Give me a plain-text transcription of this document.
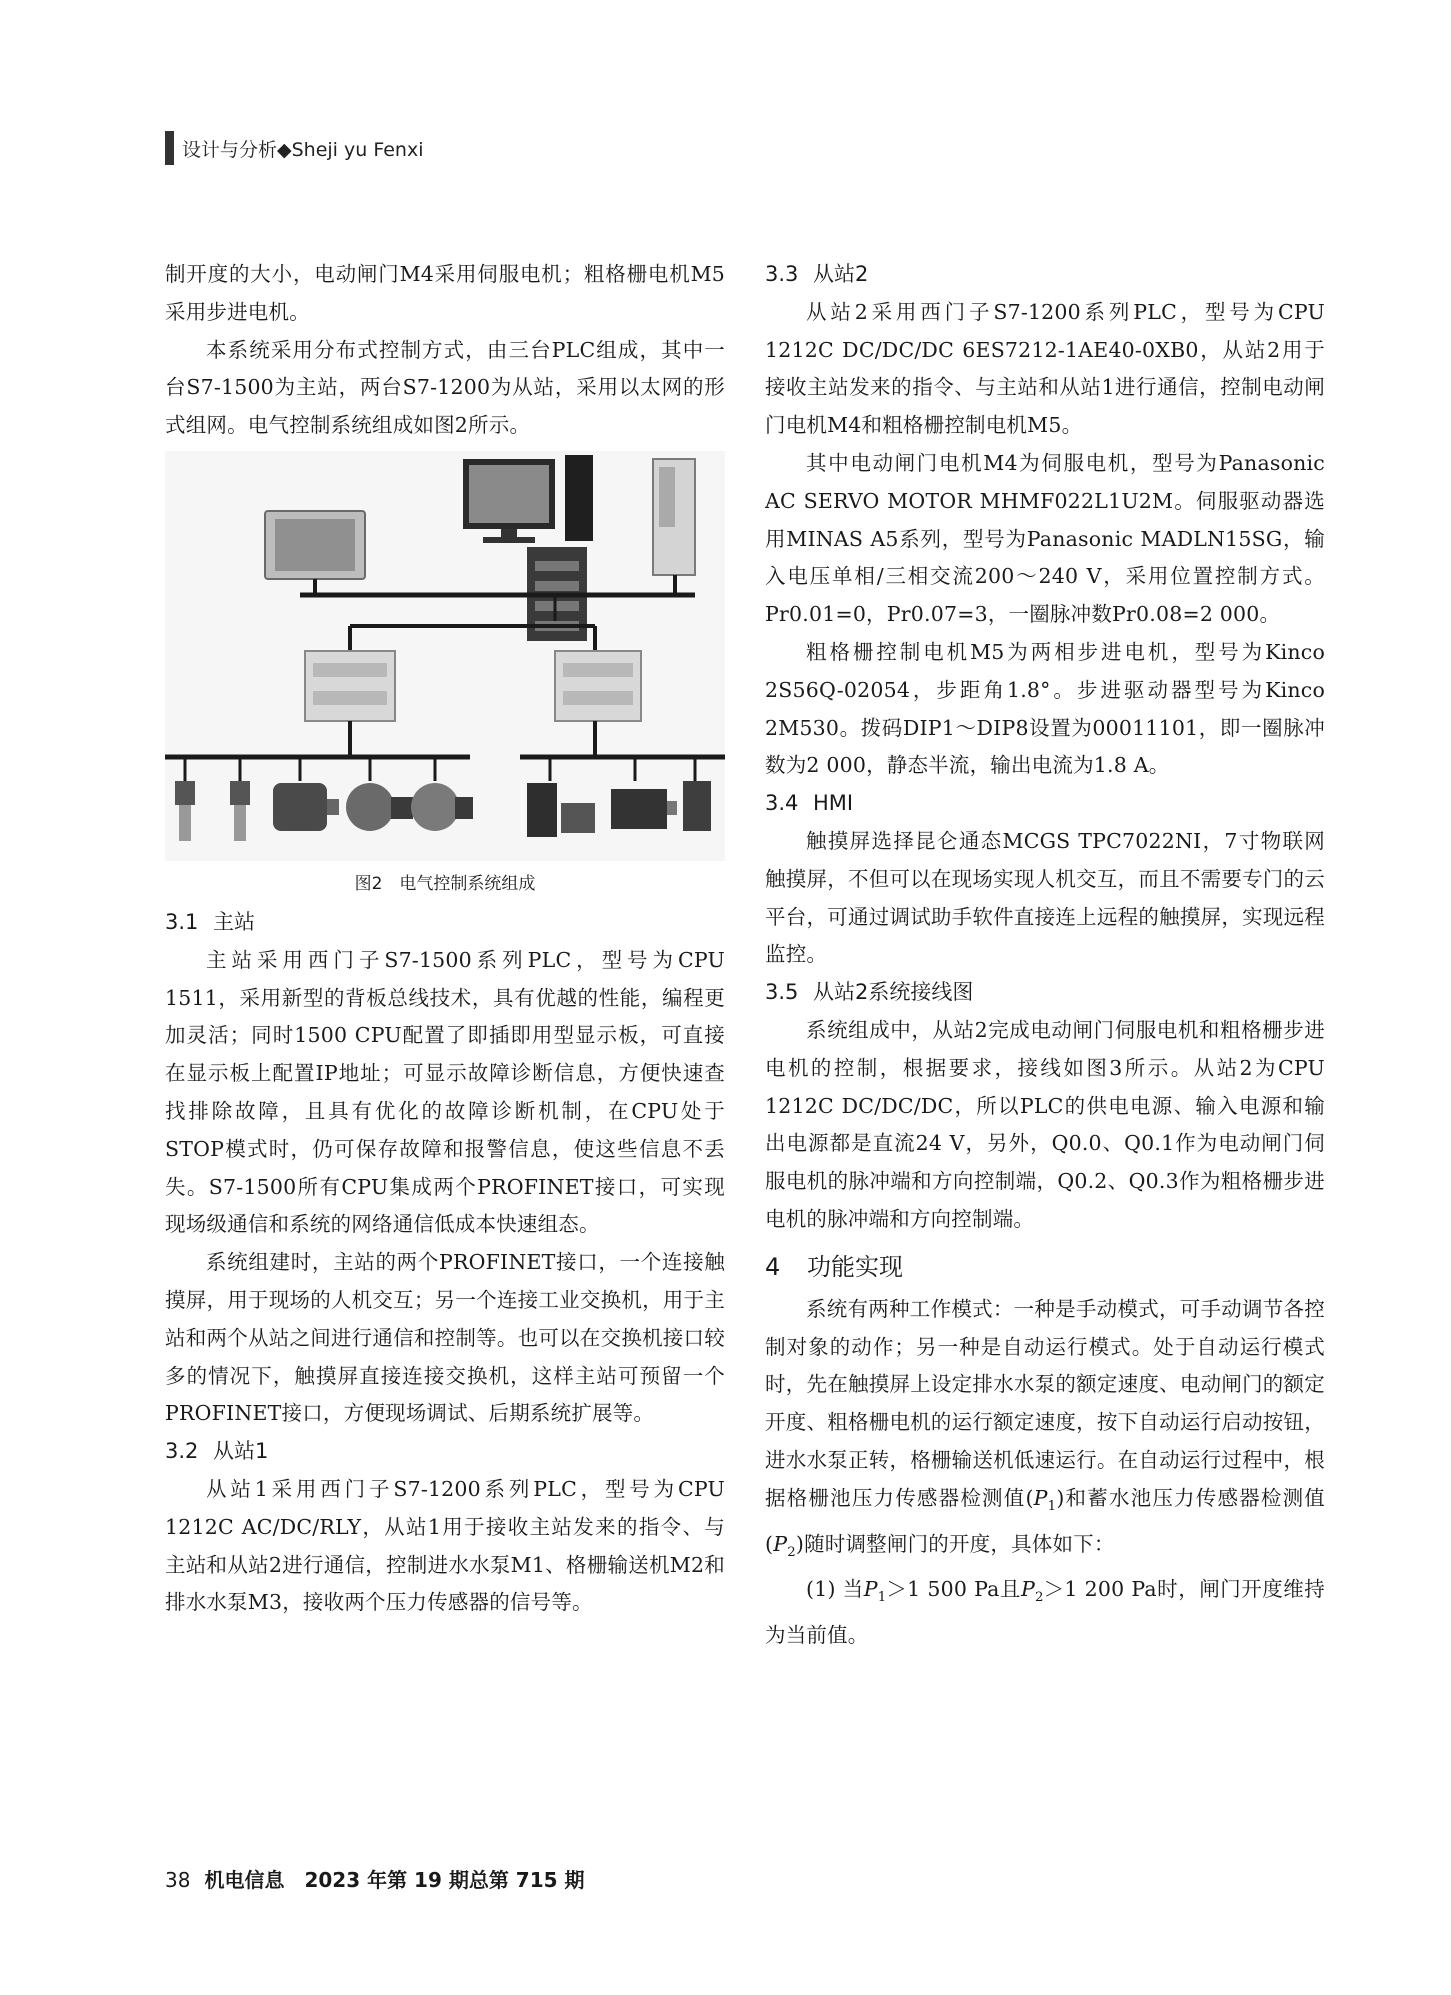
设计与分析◆Sheji yu Fenxi

制开度的大小，电动闸门M4采用伺服电机；粗格栅电机M5采用步进电机。

本系统采用分布式控制方式，由三台PLC组成，其中一台S7-1500为主站，两台S7-1200为从站，采用以太网的形式组网。电气控制系统组成如图2所示。

图2　电气控制系统组成
3.1 主站

主站采用西门子S7-1500系列PLC，型号为CPU 1511，采用新型的背板总线技术，具有优越的性能，编程更加灵活；同时1500 CPU配置了即插即用型显示板，可直接在显示板上配置IP地址；可显示故障诊断信息，方便快速查找排除故障，且具有优化的故障诊断机制，在CPU处于STOP模式时，仍可保存故障和报警信息，使这些信息不丢失。S7-1500所有CPU集成两个PROFINET接口，可实现现场级通信和系统的网络通信低成本快速组态。

系统组建时，主站的两个PROFINET接口，一个连接触摸屏，用于现场的人机交互；另一个连接工业交换机，用于主站和两个从站之间进行通信和控制等。也可以在交换机接口较多的情况下，触摸屏直接连接交换机，这样主站可预留一个PROFINET接口，方便现场调试、后期系统扩展等。

3.2 从站1

从站1采用西门子S7-1200系列PLC，型号为CPU 1212C AC/DC/RLY，从站1用于接收主站发来的指令、与主站和从站2进行通信，控制进水水泵M1、格栅输送机M2和排水水泵M3，接收两个压力传感器的信号等。

3.3 从站2

从站2采用西门子S7-1200系列PLC，型号为CPU 1212C DC/DC/DC 6ES7212-1AE40-0XB0，从站2用于接收主站发来的指令、与主站和从站1进行通信，控制电动闸门电机M4和粗格栅控制电机M5。

其中电动闸门电机M4为伺服电机，型号为Panasonic AC SERVO MOTOR MHMF022L1U2M。伺服驱动器选用MINAS A5系列，型号为Panasonic MADLN15SG，输入电压单相/三相交流200～240 V，采用位置控制方式。Pr0.01=0，Pr0.07=3，一圈脉冲数Pr0.08=2 000。

粗格栅控制电机M5为两相步进电机，型号为Kinco 2S56Q-02054，步距角1.8°。步进驱动器型号为Kinco 2M530。拨码DIP1～DIP8设置为00011101，即一圈脉冲数为2 000，静态半流，输出电流为1.8 A。

3.4 HMI

触摸屏选择昆仑通态MCGS TPC7022NI，7寸物联网触摸屏，不但可以在现场实现人机交互，而且不需要专门的云平台，可通过调试助手软件直接连上远程的触摸屏，实现远程监控。

3.5 从站2系统接线图

系统组成中，从站2完成电动闸门伺服电机和粗格栅步进电机的控制，根据要求，接线如图3所示。从站2为CPU 1212C DC/DC/DC，所以PLC的供电电源、输入电源和输出电源都是直流24 V，另外，Q0.0、Q0.1作为电动闸门伺服电机的脉冲端和方向控制端，Q0.2、Q0.3作为粗格栅步进电机的脉冲端和方向控制端。

4 功能实现

系统有两种工作模式：一种是手动模式，可手动调节各控制对象的动作；另一种是自动运行模式。处于自动运行模式时，先在触摸屏上设定排水水泵的额定速度、电动闸门的额定开度、粗格栅电机的运行额定速度，按下自动运行启动按钮，进水水泵正转，格栅输送机低速运行。在自动运行过程中，根据格栅池压力传感器检测值$(P_1)$和蓄水池压力传感器检测值$(P_2)$随时调整闸门的开度，具体如下：

(1) 当$P_1>1$ 500 Pa且$P_2>1$ 200 Pa时，闸门开度维持为当前值。

38 机电信息　2023 年第 19 期总第 715 期
